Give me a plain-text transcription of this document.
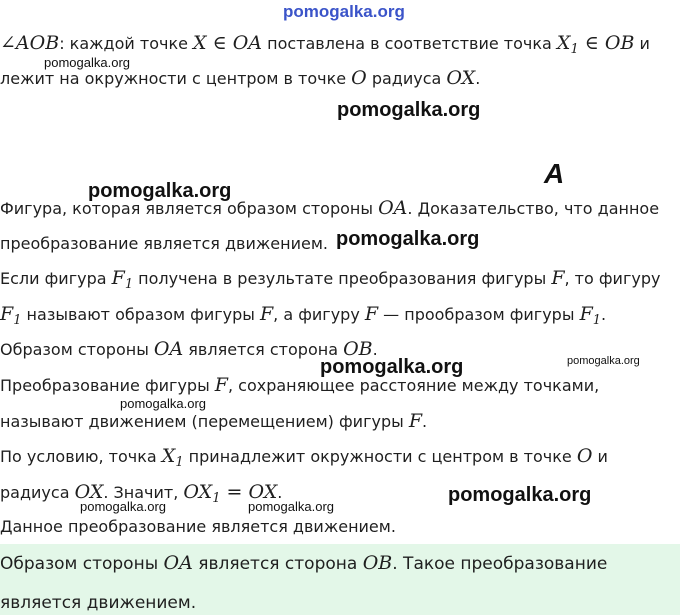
pomogalka.org
pomogalka.org
pomogalka.org
pomogalka.org
pomogalka.org
pomogalka.org	pomogalka.org
pomogalka.org
pomogalka.org
pomogalka.org	pomogalka.org
A
∠AOB: каждой точке X ∈ OA поставлена в соответствие точка $X_1$ ∈ OB и
лежит на окружности с центром в точке O радиуса OX.
Фигура, которая является образом стороны OA. Доказательство, что данное
преобразование является движением.
Если фигура $F_1$ получена в результате преобразования фигуры F, то фигуру
$F_1$ называют образом фигуры F, а фигуру F — прообразом фигуры $F_1$.
Образом стороны OA является сторона OB.
Преобразование фигуры F, сохраняющее расстояние между точками,
называют движением (перемещением) фигуры F.
По условию, точка $X_1$ принадлежит окружности с центром в точке O и
радиуса OX. Значит, $OX_1$ = OX.
Данное преобразование является движением.
Образом стороны OA является сторона OB. Такое преобразование
является движением.
